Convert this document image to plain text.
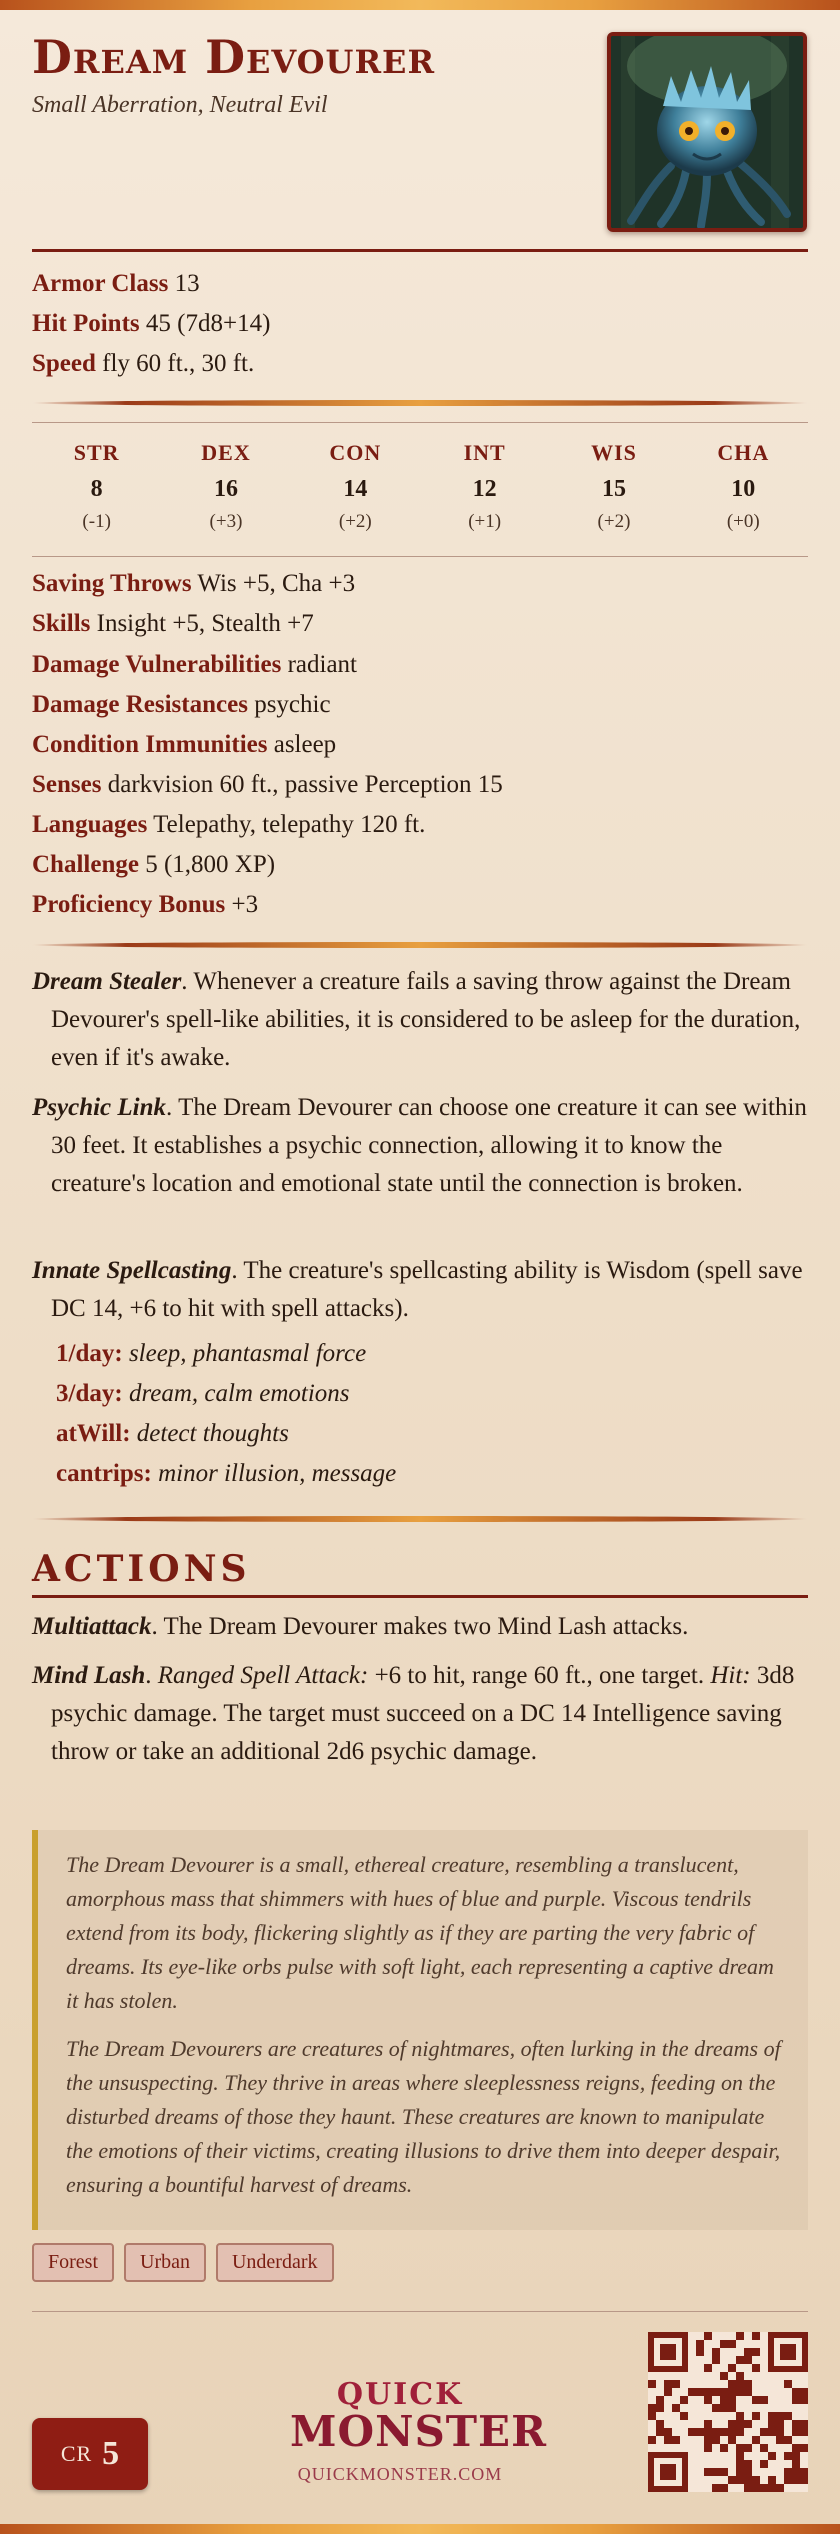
Dream Devourer
Small Aberration, Neutral Evil
Armor Class 13
Hit Points 45 (7d8+14)
Speed fly 60 ft., 30 ft.
STR
8
(-1)
DEX
16
(+3)
CON
14
(+2)
INT
12
(+1)
WIS
15
(+2)
CHA
10
(+0)
Saving Throws Wis +5, Cha +3
Skills Insight +5, Stealth +7
Damage Vulnerabilities radiant
Damage Resistances psychic
Condition Immunities asleep
Senses darkvision 60 ft., passive Perception 15
Languages Telepathy, telepathy 120 ft.
Challenge 5 (1,800 XP)
Proficiency Bonus +3
Dream Stealer. Whenever a creature fails a saving throw against the Dream Devourer's spell-like abilities, it is considered to be asleep for the duration, even if it's awake.
Psychic Link. The Dream Devourer can choose one creature it can see within 30 feet. It establishes a psychic connection, allowing it to know the creature's location and emotional state until the connection is broken.
Innate Spellcasting. The creature's spellcasting ability is Wisdom (spell save DC 14, +6 to hit with spell attacks).
1/day: sleep, phantasmal force
3/day: dream, calm emotions
atWill: detect thoughts
cantrips: minor illusion, message
ACTIONS
Multiattack. The Dream Devourer makes two Mind Lash attacks.
Mind Lash. Ranged Spell Attack: +6 to hit, range 60 ft., one target. Hit: 3d8 psychic damage. The target must succeed on a DC 14 Intelligence saving throw or take an additional 2d6 psychic damage.

The Dream Devourer is a small, ethereal creature, resembling a translucent, amorphous mass that shimmers with hues of blue and purple. Viscous tendrils extend from its body, flickering slightly as if they are parting the very fabric of dreams. Its eye-like orbs pulse with soft light, each representing a captive dream it has stolen.

The Dream Devourers are creatures of nightmares, often lurking in the dreams of the unsuspecting. They thrive in areas where sleeplessness reigns, feeding on the disturbed dreams of those they haunt. These creatures are known to manipulate the emotions of their victims, creating illusions to drive them into deeper despair, ensuring a bountiful harvest of dreams.

Forest	Urban	Underdark
CR 5
QUICK
MONSTER
QUICKMONSTER.COM
